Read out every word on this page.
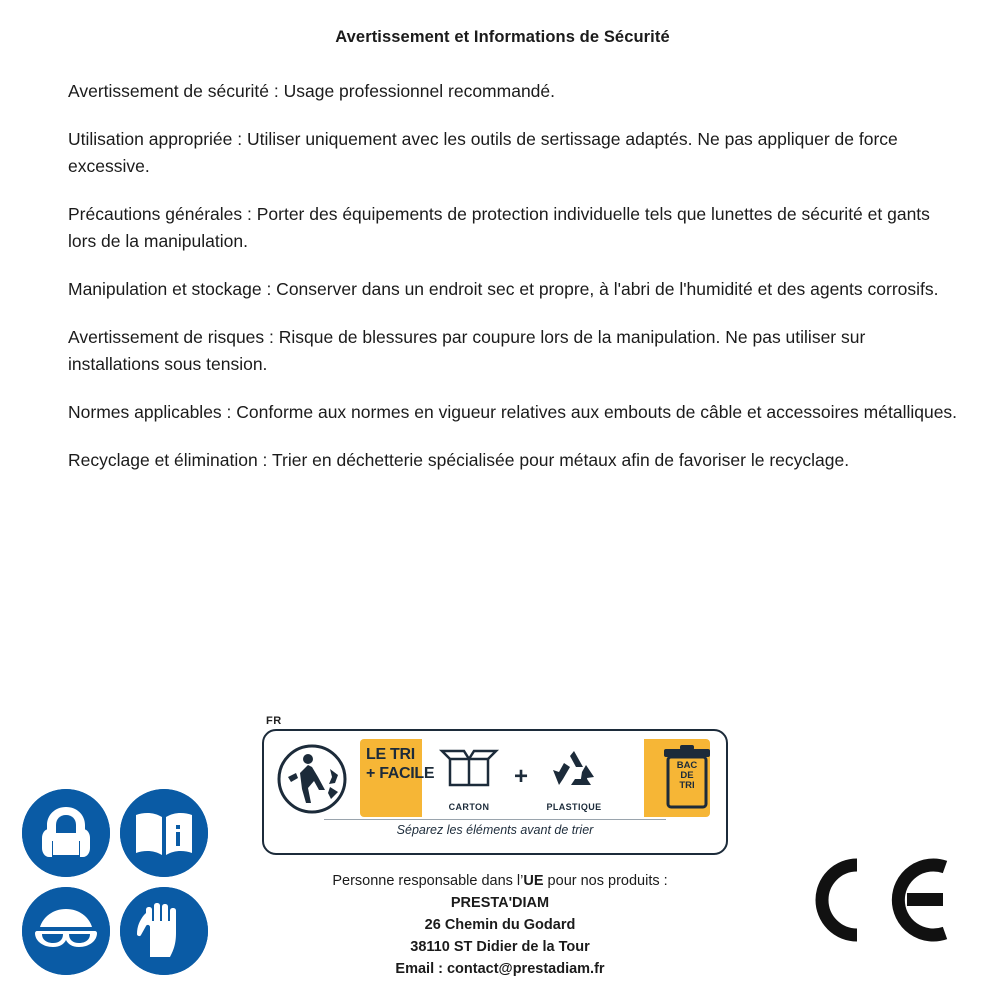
Avertissement et Informations de Sécurité

Avertissement de sécurité : Usage professionnel recommandé.

Utilisation appropriée : Utiliser uniquement avec les outils de sertissage adaptés. Ne pas appliquer de force excessive.

Précautions générales : Porter des équipements de protection individuelle tels que lunettes de sécurité et gants lors de la manipulation.

Manipulation et stockage : Conserver dans un endroit sec et propre, à l'abri de l'humidité et des agents corrosifs.

Avertissement de risques : Risque de blessures par coupure lors de la manipulation. Ne pas utiliser sur installations sous tension.

Normes applicables : Conforme aux normes en vigueur relatives aux embouts de câble et accessoires métalliques.

Recyclage et élimination : Trier en déchetterie spécialisée pour métaux afin de favoriser le recyclage.

FR
LE TRI
+ FACILE
CARTON
+
PLASTIQUE
BAC
DE
TRI
Séparez les éléments avant de trier
Personne responsable dans l’UE pour nos produits :
PRESTA'DIAM
26 Chemin du Godard
38110 ST Didier de la Tour
Email : contact@prestadiam.fr
